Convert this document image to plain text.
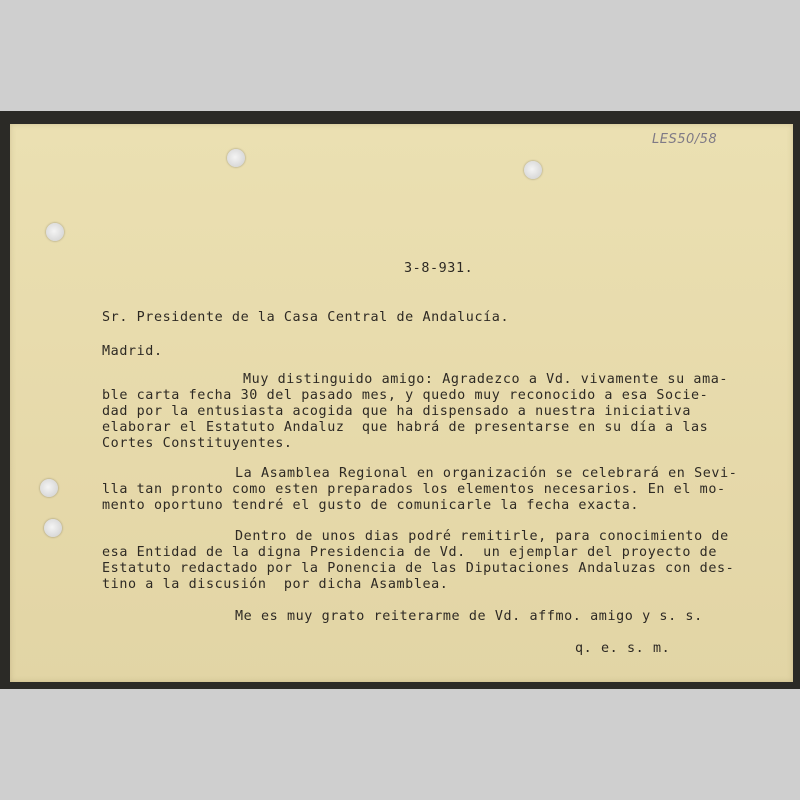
LES50/58
3-8-931.
Sr. Presidente de la Casa Central de Andalucía.
Madrid.
Muy distinguido amigo: Agradezco a Vd. vivamente su ama-
ble carta fecha 30 del pasado mes, y quedo muy reconocido a esa Socie-
dad por la entusiasta acogida que ha dispensado a nuestra iniciativa
elaborar el Estatuto Andaluz  que habrá de presentarse en su día a las
Cortes Constituyentes.
La Asamblea Regional en organización se celebrará en Sevi-
lla tan pronto como esten preparados los elementos necesarios. En el mo-
mento oportuno tendré el gusto de comunicarle la fecha exacta.
Dentro de unos dias podré remitirle, para conocimiento de
esa Entidad de la digna Presidencia de Vd.  un ejemplar del proyecto de
Estatuto redactado por la Ponencia de las Diputaciones Andaluzas con des-
tino a la discusión  por dicha Asamblea.
Me es muy grato reiterarme de Vd. affmo. amigo y s. s.
q. e. s. m.
